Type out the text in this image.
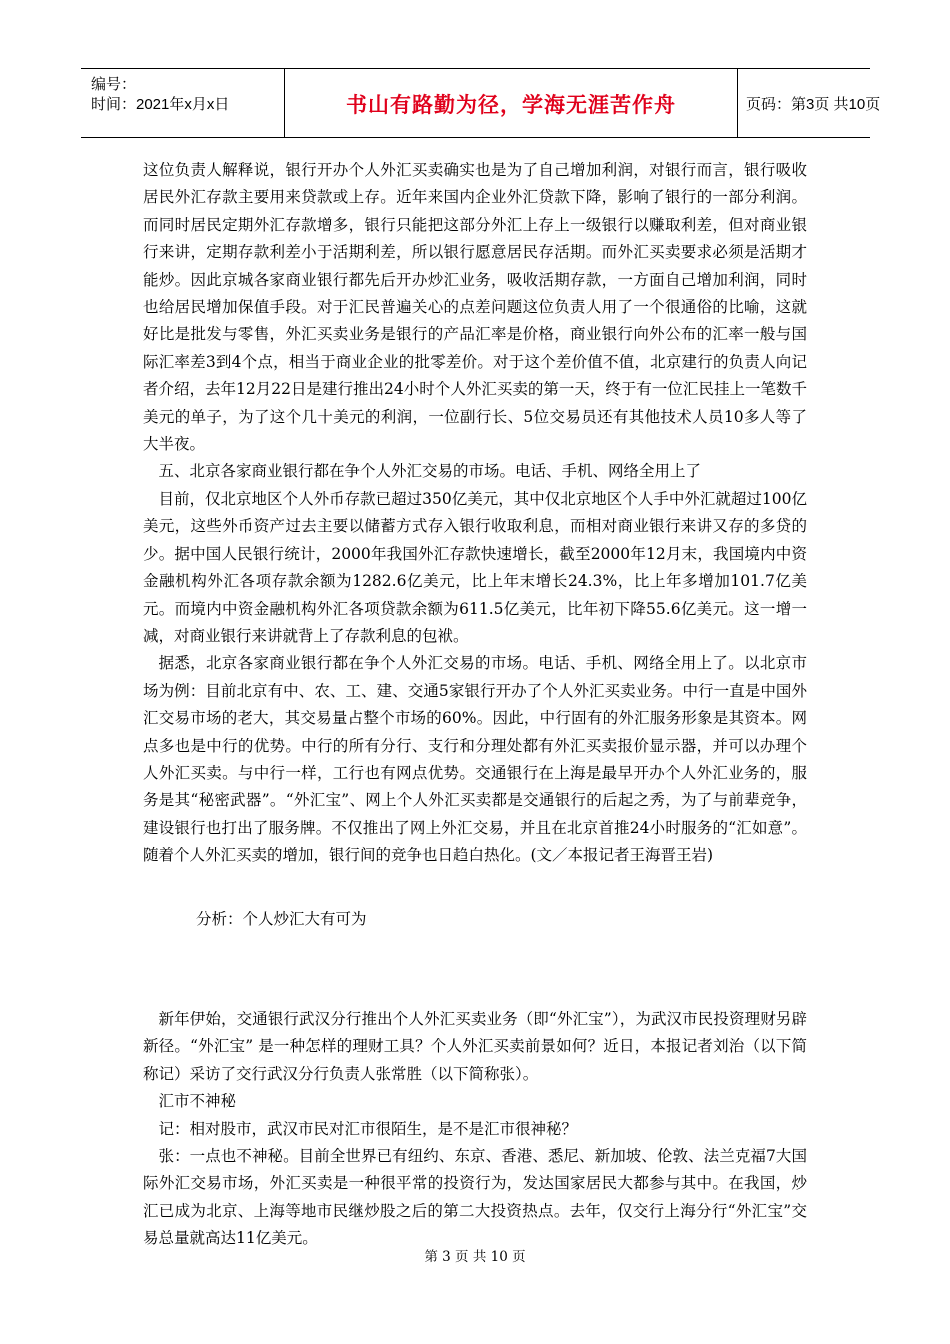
编号：
时间：2021年x月x日	书山有路勤为径，学海无涯苦作舟	页码：第3页 共10页

这位负责人解释说，银行开办个人外汇买卖确实也是为了自己增加利润，对银行而言，银行吸收居民外汇存款主要用来贷款或上存。近年来国内企业外汇贷款下降，影响了银行的一部分利润。而同时居民定期外汇存款增多，银行只能把这部分外汇上存上一级银行以赚取利差，但对商业银行来讲，定期存款利差小于活期利差，所以银行愿意居民存活期。而外汇买卖要求必须是活期才能炒。因此京城各家商业银行都先后开办炒汇业务，吸收活期存款，一方面自己增加利润，同时也给居民增加保值手段。对于汇民普遍关心的点差问题这位负责人用了一个很通俗的比喻，这就好比是批发与零售，外汇买卖业务是银行的产品汇率是价格，商业银行向外公布的汇率一般与国际汇率差3到4个点，相当于商业企业的批零差价。对于这个差价值不值，北京建行的负责人向记者介绍，去年12月22日是建行推出24小时个人外汇买卖的第一天，终于有一位汇民挂上一笔数千美元的单子，为了这个几十美元的利润，一位副行长、5位交易员还有其他技术人员10多人等了大半夜。

五、北京各家商业银行都在争个人外汇交易的市场。电话、手机、网络全用上了

目前，仅北京地区个人外币存款已超过350亿美元，其中仅北京地区个人手中外汇就超过100亿美元，这些外币资产过去主要以储蓄方式存入银行收取利息，而相对商业银行来讲又存的多贷的少。据中国人民银行统计，2000年我国外汇存款快速增长，截至2000年12月末，我国境内中资金融机构外汇各项存款余额为1282.6亿美元，比上年末增长24.3%，比上年多增加101.7亿美元。而境内中资金融机构外汇各项贷款余额为611.5亿美元，比年初下降55.6亿美元。这一增一减，对商业银行来讲就背上了存款利息的包袱。

据悉，北京各家商业银行都在争个人外汇交易的市场。电话、手机、网络全用上了。以北京市场为例：目前北京有中、农、工、建、交通5家银行开办了个人外汇买卖业务。中行一直是中国外汇交易市场的老大，其交易量占整个市场的60%。因此，中行固有的外汇服务形象是其资本。网点多也是中行的优势。中行的所有分行、支行和分理处都有外汇买卖报价显示器，并可以办理个人外汇买卖。与中行一样，工行也有网点优势。交通银行在上海是最早开办个人外汇业务的，服务是其“秘密武器”。“外汇宝”、网上个人外汇买卖都是交通银行的后起之秀，为了与前辈竞争，建设银行也打出了服务牌。不仅推出了网上外汇交易，并且在北京首推24小时服务的“汇如意”。随着个人外汇买卖的增加，银行间的竞争也日趋白热化。(文／本报记者王海晋王岩)

分析：个人炒汇大有可为

新年伊始，交通银行武汉分行推出个人外汇买卖业务（即“外汇宝”），为武汉市民投资理财另辟新径。“外汇宝” 是一种怎样的理财工具？个人外汇买卖前景如何？近日，本报记者刘治（以下简称记）采访了交行武汉分行负责人张常胜（以下简称张）。

汇市不神秘

记：相对股市，武汉市民对汇市很陌生，是不是汇市很神秘？

张：一点也不神秘。目前全世界已有纽约、东京、香港、悉尼、新加坡、伦敦、法兰克福7大国际外汇交易市场，外汇买卖是一种很平常的投资行为，发达国家居民大都参与其中。在我国，炒汇已成为北京、上海等地市民继炒股之后的第二大投资热点。去年，仅交行上海分行“外汇宝”交易总量就高达11亿美元。

第 3 页 共 10 页
